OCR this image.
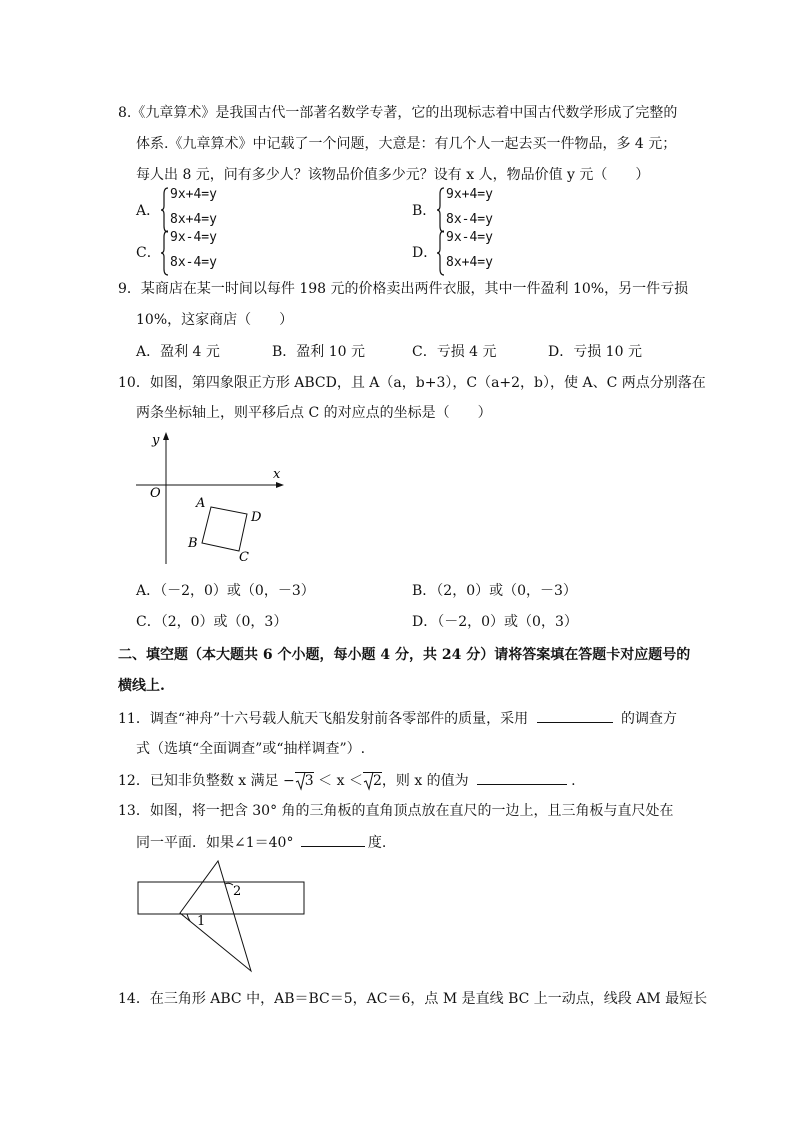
8.《九章算术》是我国古代一部著名数学专著，它的出现标志着中国古代数学形成了完整的
体系.《九章算术》中记载了一个问题，大意是：有几个人一起去买一件物品，多 4 元；
每人出 8 元，问有多少人？该物品价值多少元？设有 x 人，物品价值 y 元（　　）
A．
9x+4=y
8x+4=y
B．
9x+4=y
8x-4=y
C．
9x-4=y
8x-4=y
D．
9x-4=y
8x+4=y
9．某商店在某一时间以每件 198 元的价格卖出两件衣服，其中一件盈利 10%，另一件亏损
10%，这家商店（　　）
A．盈利 4 元	B．盈利 10 元	C．亏损 4 元	D．亏损 10 元
10．如图，第四象限正方形 ABCD，且 A（a，b+3），C（a+2，b），使 A、C 两点分别落在
两条坐标轴上，则平移后点 C 的对应点的坐标是（　　）
y
x
O
A
D
B
C
A．（－2，0）或（0，－3）	B．（2，0）或（0，－3）
C．（2，0）或（0，3）	D．（－2，0）或（0，3）
二、填空题（本大题共 6 个小题，每小题 4 分，共 24 分）请将答案填在答题卡对应题号的
横线上.
11．调查“神舟”十六号载人航天飞船发射前各零部件的质量，采用	的调查方
式（选填“全面调查”或“抽样调查”）.
12．已知非负整数 x 满足 − 3 ＜ x ＜ 2，则 x 的值为	.
13．如图，将一把含 30° 角的三角板的直角顶点放在直尺的一边上，且三角板与直尺处在
同一平面．如果∠1＝40°	度.
2
1
14．在三角形 ABC 中，AB＝BC＝5，AC＝6，点 M 是直线 BC 上一动点，线段 AM 最短长
